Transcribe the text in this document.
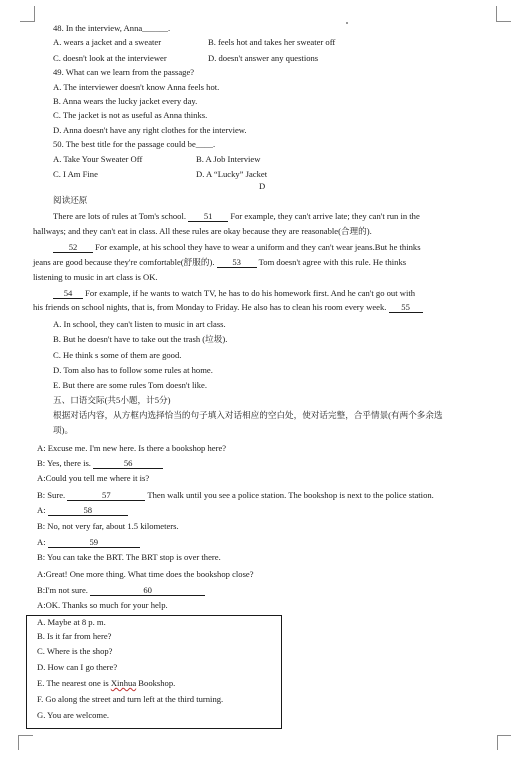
48. In the interview, Anna______.
A. wears a jacket and a sweater	B. feels hot and takes her sweater off
C. doesn't look at the interviewer	D. doesn't answer any questions
49. What can we learn from the passage?
A. The interviewer doesn't know Anna feels hot.
B. Anna wears the lucky jacket every day.
C. The jacket is not as useful as Anna thinks.
D. Anna doesn't have any right clothes for the interview.
50. The best title for the passage could be____.
A. Take Your Sweater Off	B. A Job Interview
C. I Am Fine	D. A “Lucky” Jacket
D
阅读还原
There are lots of rules at Tom's school. 51 For example, they can't arrive late; they can't run in the
hallways; and they can't eat in class. All these rules are okay because they are reasonable(合理的).
52 For example, at his school they have to wear a uniform and they can't wear jeans.But he thinks
jeans are good because they're comfortable(舒服的). 53 Tom doesn't agree with this rule. He thinks
listening to music in art class is OK.
54 For example, if he wants to watch TV, he has to do his homework first. And he can't go out with
his friends on school nights, that is, from Monday to Friday. He also has to clean his room every week. 55
A. In school, they can't listen to music in art class.
B. But he doesn't have to take out the trash (垃圾).
C. He think s some of them are good.
D. Tom also has to follow some rules at home.
E. But there are some rules Tom doesn't like.
五、口语交际(共5小题，计5分)
根据对话内容，从方框内选择恰当的句子填入对话相应的空白处，使对话完整，合乎情景(有两个多余选
项)。
A: Excuse me. I'm new here. Is there a bookshop here?
B: Yes, there is.	56
A:Could you tell me where it is?
B: Sure.	57	Then walk until you see a police station. The bookshop is next to the police station.
A:	58
B: No, not very far, about 1.5 kilometers.
A:	59
B: You can take the BRT. The BRT stop is over there.
A:Great! One more thing. What time does the bookshop close?
B:I'm not sure.	60
A:OK. Thanks so much for your help.
A. Maybe at 8 p. m.
B. Is it far from here?
C. Where is the shop?
D. How can I go there?
E. The nearest one is Xinhua Bookshop.
F. Go along the street and turn left at the third turning.
G. You are welcome.
